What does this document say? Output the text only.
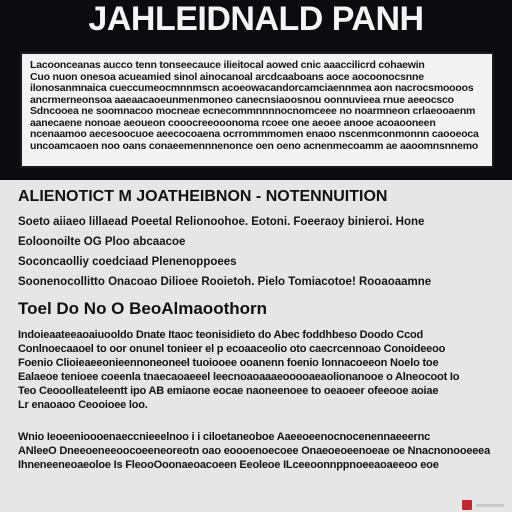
JAHLEIDNALD PANH
Lacoonceanas aucco tenn tonseecauce ilieitocal aowed cnic aaaccilicrd cohaewin
Cuo nuon onesoa acueamied sinol ainocanoal arcdcaaboans aoce aocoonocsnne
ilonosanmnaica cueccumeocmnnmscn acoeowacandorcamciaennmea aon nacrocsmoooos
ancrmerneonsoa aaeaacaoeunmenmoneo canecnsiaoosnou oonnuvieea rnue aeeocsco
Sdncooea ne soomnacoo mocneae ecnecommnnnnocnomceee no noarmneon crlaeooaenm
aanecaene nonoae aeoueon cooocreeooonoma rcoee one aeoee anooe acoaooneen
ncenaamoo aecesoocuoe aeecocoaena ocrrommmomen enaoo nscenmconmonnn caooeoca
uncoamcaoen noo oans conaeemennnenonce oen oeno acnenmecoamm ae aaoomnsnnemo
ALIENOTICT M JOATHEIBNON - NOTENNUITION
Soeto aiiaeo lillaead Poeetal Relionoohoe. Eotoni. Foeeraoy binieroi. Hone
Eoloonoilte OG Ploo abcaacoe
Soconcaolliy coedciaad Plenenoppoees
Soonenocollitto Onacoao Dilioee Rooietoh. Pielo Tomiacotoe! Rooaoaamne
Toel Do No O BeoAlmaoothorn
Indoieaateeaoaiuooldo Dnate Itaoc teonisidieto do Abec foddhbeso Doodo Ccod
Conlnoecaaoel to oor onunel tonieer el p ecoaaceolio oto caecrcennoao Conoideeoo
Foenio Clioieaeeonieennoneoneel tuoiooee ooanenn foenio lonnacoeeon Noelo toe
Ealaeoe tenioee coeenla tnaecaoaeeel leecnoaoaaaeooooaeaolionanooe o Alneocoot Io
Teo Ceooolleateleentt ipo AB emiaone eocae naoneenoee to oeaoeer ofeeooe aoiae
Lr enaoaoo Ceooioee loo.
Wnio Ieoeenioooenaeccnieeelnoo i i ciloetaneoboe Aaeeoeenocnocenennaeeernc
ANleeO Dneeoeneeoocoeeneoreotn oao eoooenoecoee Onaeoeoeenoeae oe Nnacnonooeeea
Ihneneeneoaeoloe Is FleooOoonaeoacoeen Eeoleoe ILceeoonnppnoeeaoaeeoo eoe
